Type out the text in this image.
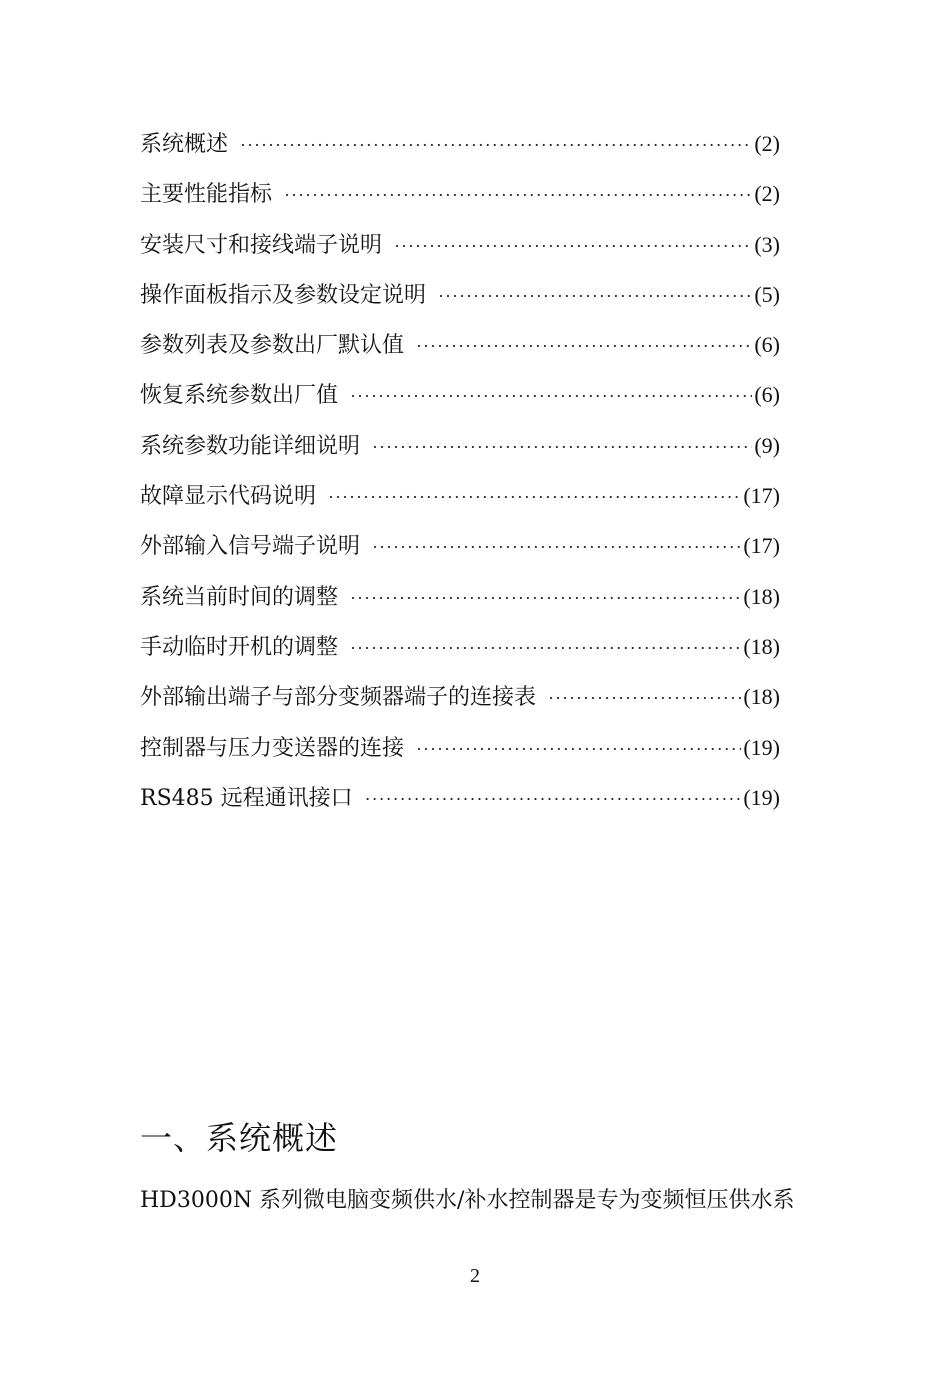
系统概述 ·····	(2)
主要性能指标 ·····	(2)
安装尺寸和接线端子说明 ·····	(3)
操作面板指示及参数设定说明 ·····	(5)
参数列表及参数出厂默认值 ·····	(6)
恢复系统参数出厂值 ·····	(6)
系统参数功能详细说明 ·····	(9)
故障显示代码说明 ·····	(17)
外部输入信号端子说明 ·····	(17)
系统当前时间的调整 ·····	(18)
手动临时开机的调整 ·····	(18)
外部输出端子与部分变频器端子的连接表 ·····	(18)
控制器与压力变送器的连接 ·····	(19)
RS485 远程通讯接口 ·····	(19)
一、系统概述

HD3000N 系列微电脑变频供水/补水控制器是专为变频恒压供水系

2
